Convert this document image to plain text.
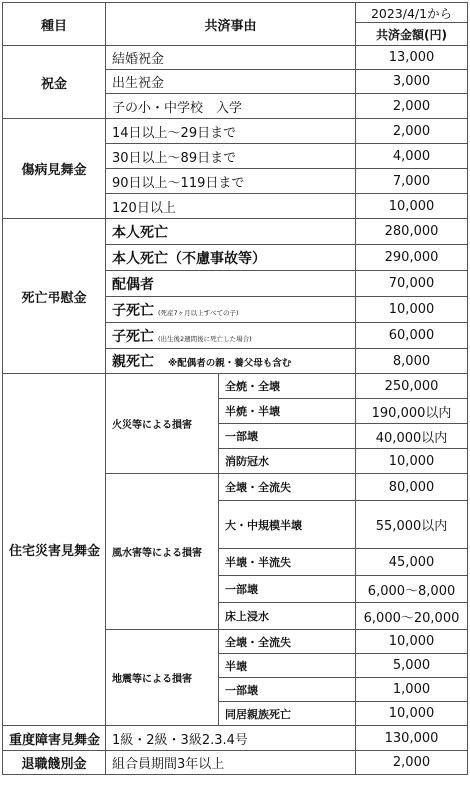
種目	共済事由		2023/4/1から
			共済金額(円)
祝金	結婚祝金		13,000
	出生祝金		3,000
	子の小・中学校　入学		2,000
傷病見舞金	14日以上～29日まで		2,000
	30日以上～89日まで		4,000
	90日以上～119日まで		7,000
	120日以上		10,000
死亡弔慰金	本人死亡		280,000
	本人死亡（不慮事故等）		290,000
	配偶者		70,000
	子死亡 (死産7ヶ月以上すべての子)		10,000
	子死亡 (出生後2週間後に死亡した場合)		60,000
	親死亡 ※配偶者の親・養父母も含む		8,000
住宅災害見舞金	火災等による損害	全焼・全壊	250,000
		半焼・半壊	190,000以内
		一部壊	40,000以内
		消防冠水	10,000
	風水害等による損害	全壊・全流失	80,000
		大・中規模半壊	55,000以内
		半壊・半流失	45,000
		一部壊	6,000～8,000
		床上浸水	6,000～20,000
	地震等による損害	全壊・全流失	10,000
		半壊	5,000
		一部壊	1,000
		同居親族死亡	10,000
重度障害見舞金	1級・2級・3級2.3.4号		130,000
退職餞別金	組合員期間3年以上		2,000
